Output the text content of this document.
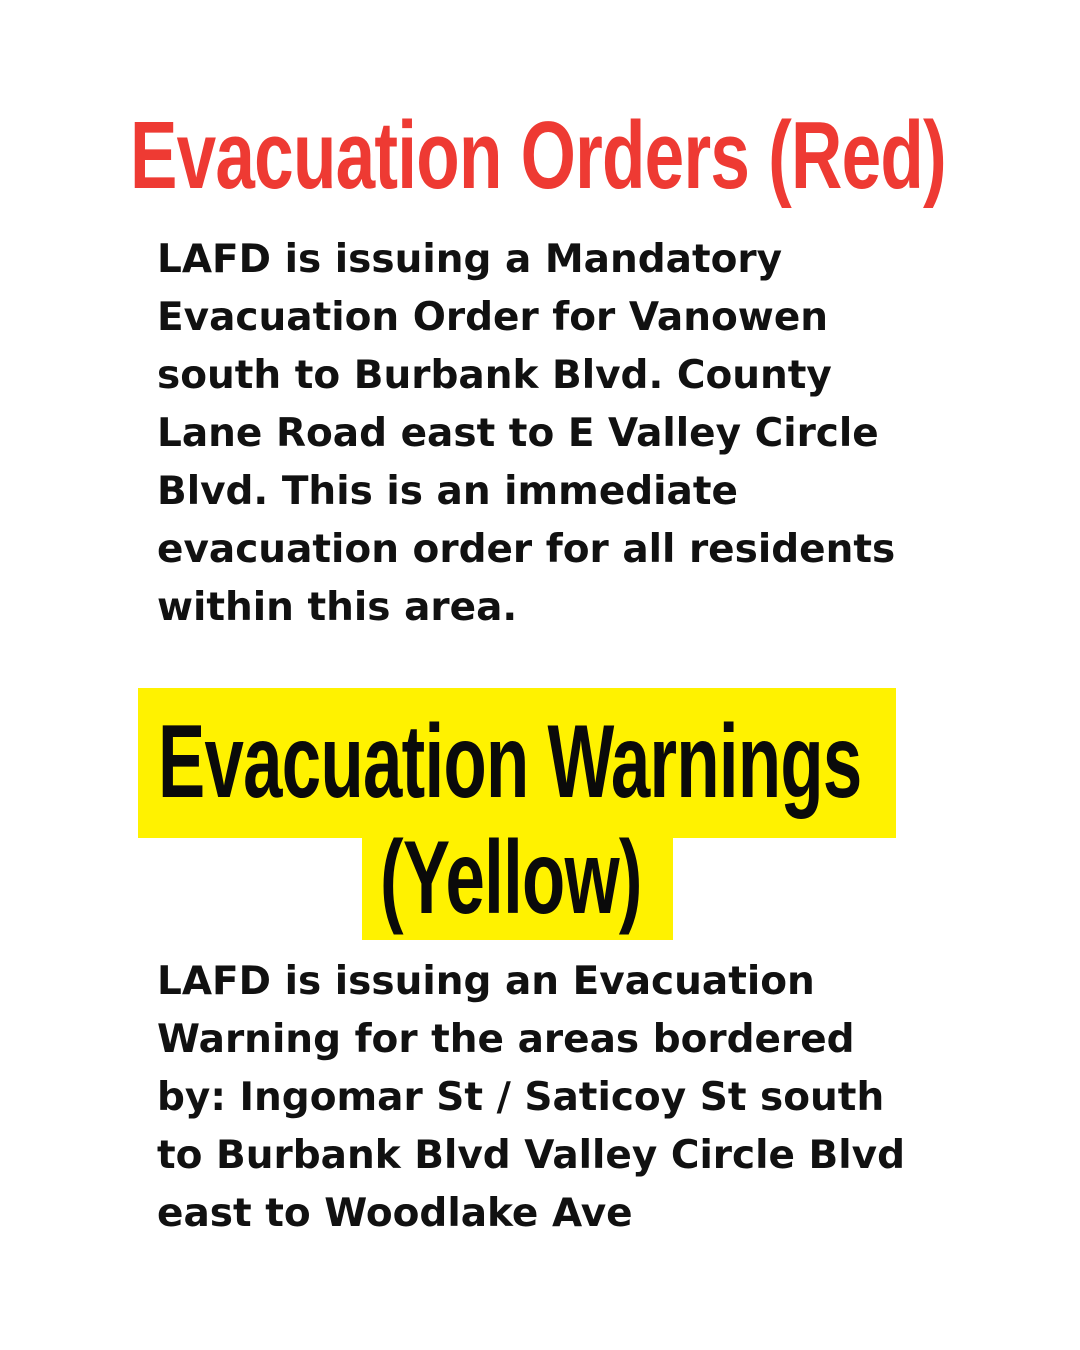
Evacuation Orders (Red)

LAFD is issuing a Mandatory Evacuation Order for Vanowen south to Burbank Blvd. County Lane Road east to E Valley Circle Blvd. This is an immediate evacuation order for all residents within this area.

Evacuation Warnings
(Yellow)

LAFD is issuing an Evacuation Warning for the areas bordered by: Ingomar St / Saticoy St south to Burbank Blvd Valley Circle Blvd east to Woodlake Ave
